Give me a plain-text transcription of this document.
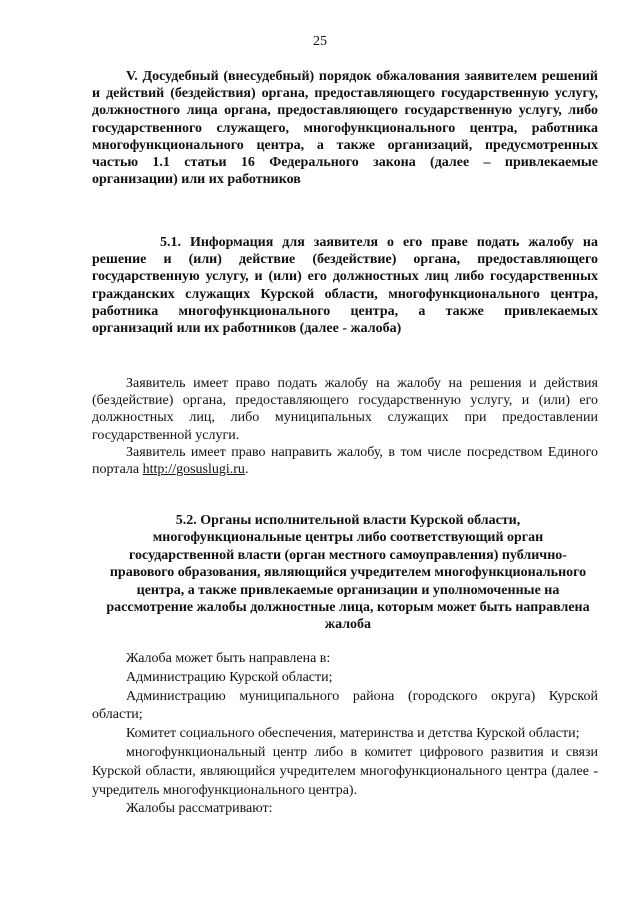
25

V. Досудебный (внесудебный) порядок обжалования заявителем решений и действий (бездействия) органа, предоставляющего государственную услугу, должностного лица органа, предоставляющего государственную услугу, либо государственного служащего, многофункционального центра, работника многофункционального центра, а также организаций, предусмотренных частью 1.1 статьи 16 Федерального закона (далее – привлекаемые организации) или их работников

5.1. Информация для заявителя о его праве подать жалобу на решение и (или) действие (бездействие) органа, предоставляющего государственную услугу, и (или) его должностных лиц либо государственных гражданских служащих Курской области, многофункционального центра, работника многофункционального центра, а также привлекаемых организаций или их работников (далее - жалоба)

Заявитель имеет право подать жалобу на жалобу на решения и действия (бездействие) органа, предоставляющего государственную услугу, и (или) его должностных лиц, либо муниципальных служащих при предоставлении государственной услуги.

Заявитель имеет право направить жалобу, в том числе посредством Единого портала http://gosuslugi.ru.

5.2. Органы исполнительной власти Курской области, многофункциональные центры либо соответствующий орган государственной власти (орган местного самоуправления) публично-правового образования, являющийся учредителем многофункционального центра, а также привлекаемые организации и уполномоченные на рассмотрение жалобы должностные лица, которым может быть направлена жалоба

Жалоба может быть направлена в:

Администрацию Курской области;

Администрацию муниципального района (городского округа) Курской области;

Комитет социального обеспечения, материнства и детства Курской области;

многофункциональный центр либо в комитет цифрового развития и связи Курской области, являющийся учредителем многофункционального центра (далее - учредитель многофункционального центра).

Жалобы рассматривают:
